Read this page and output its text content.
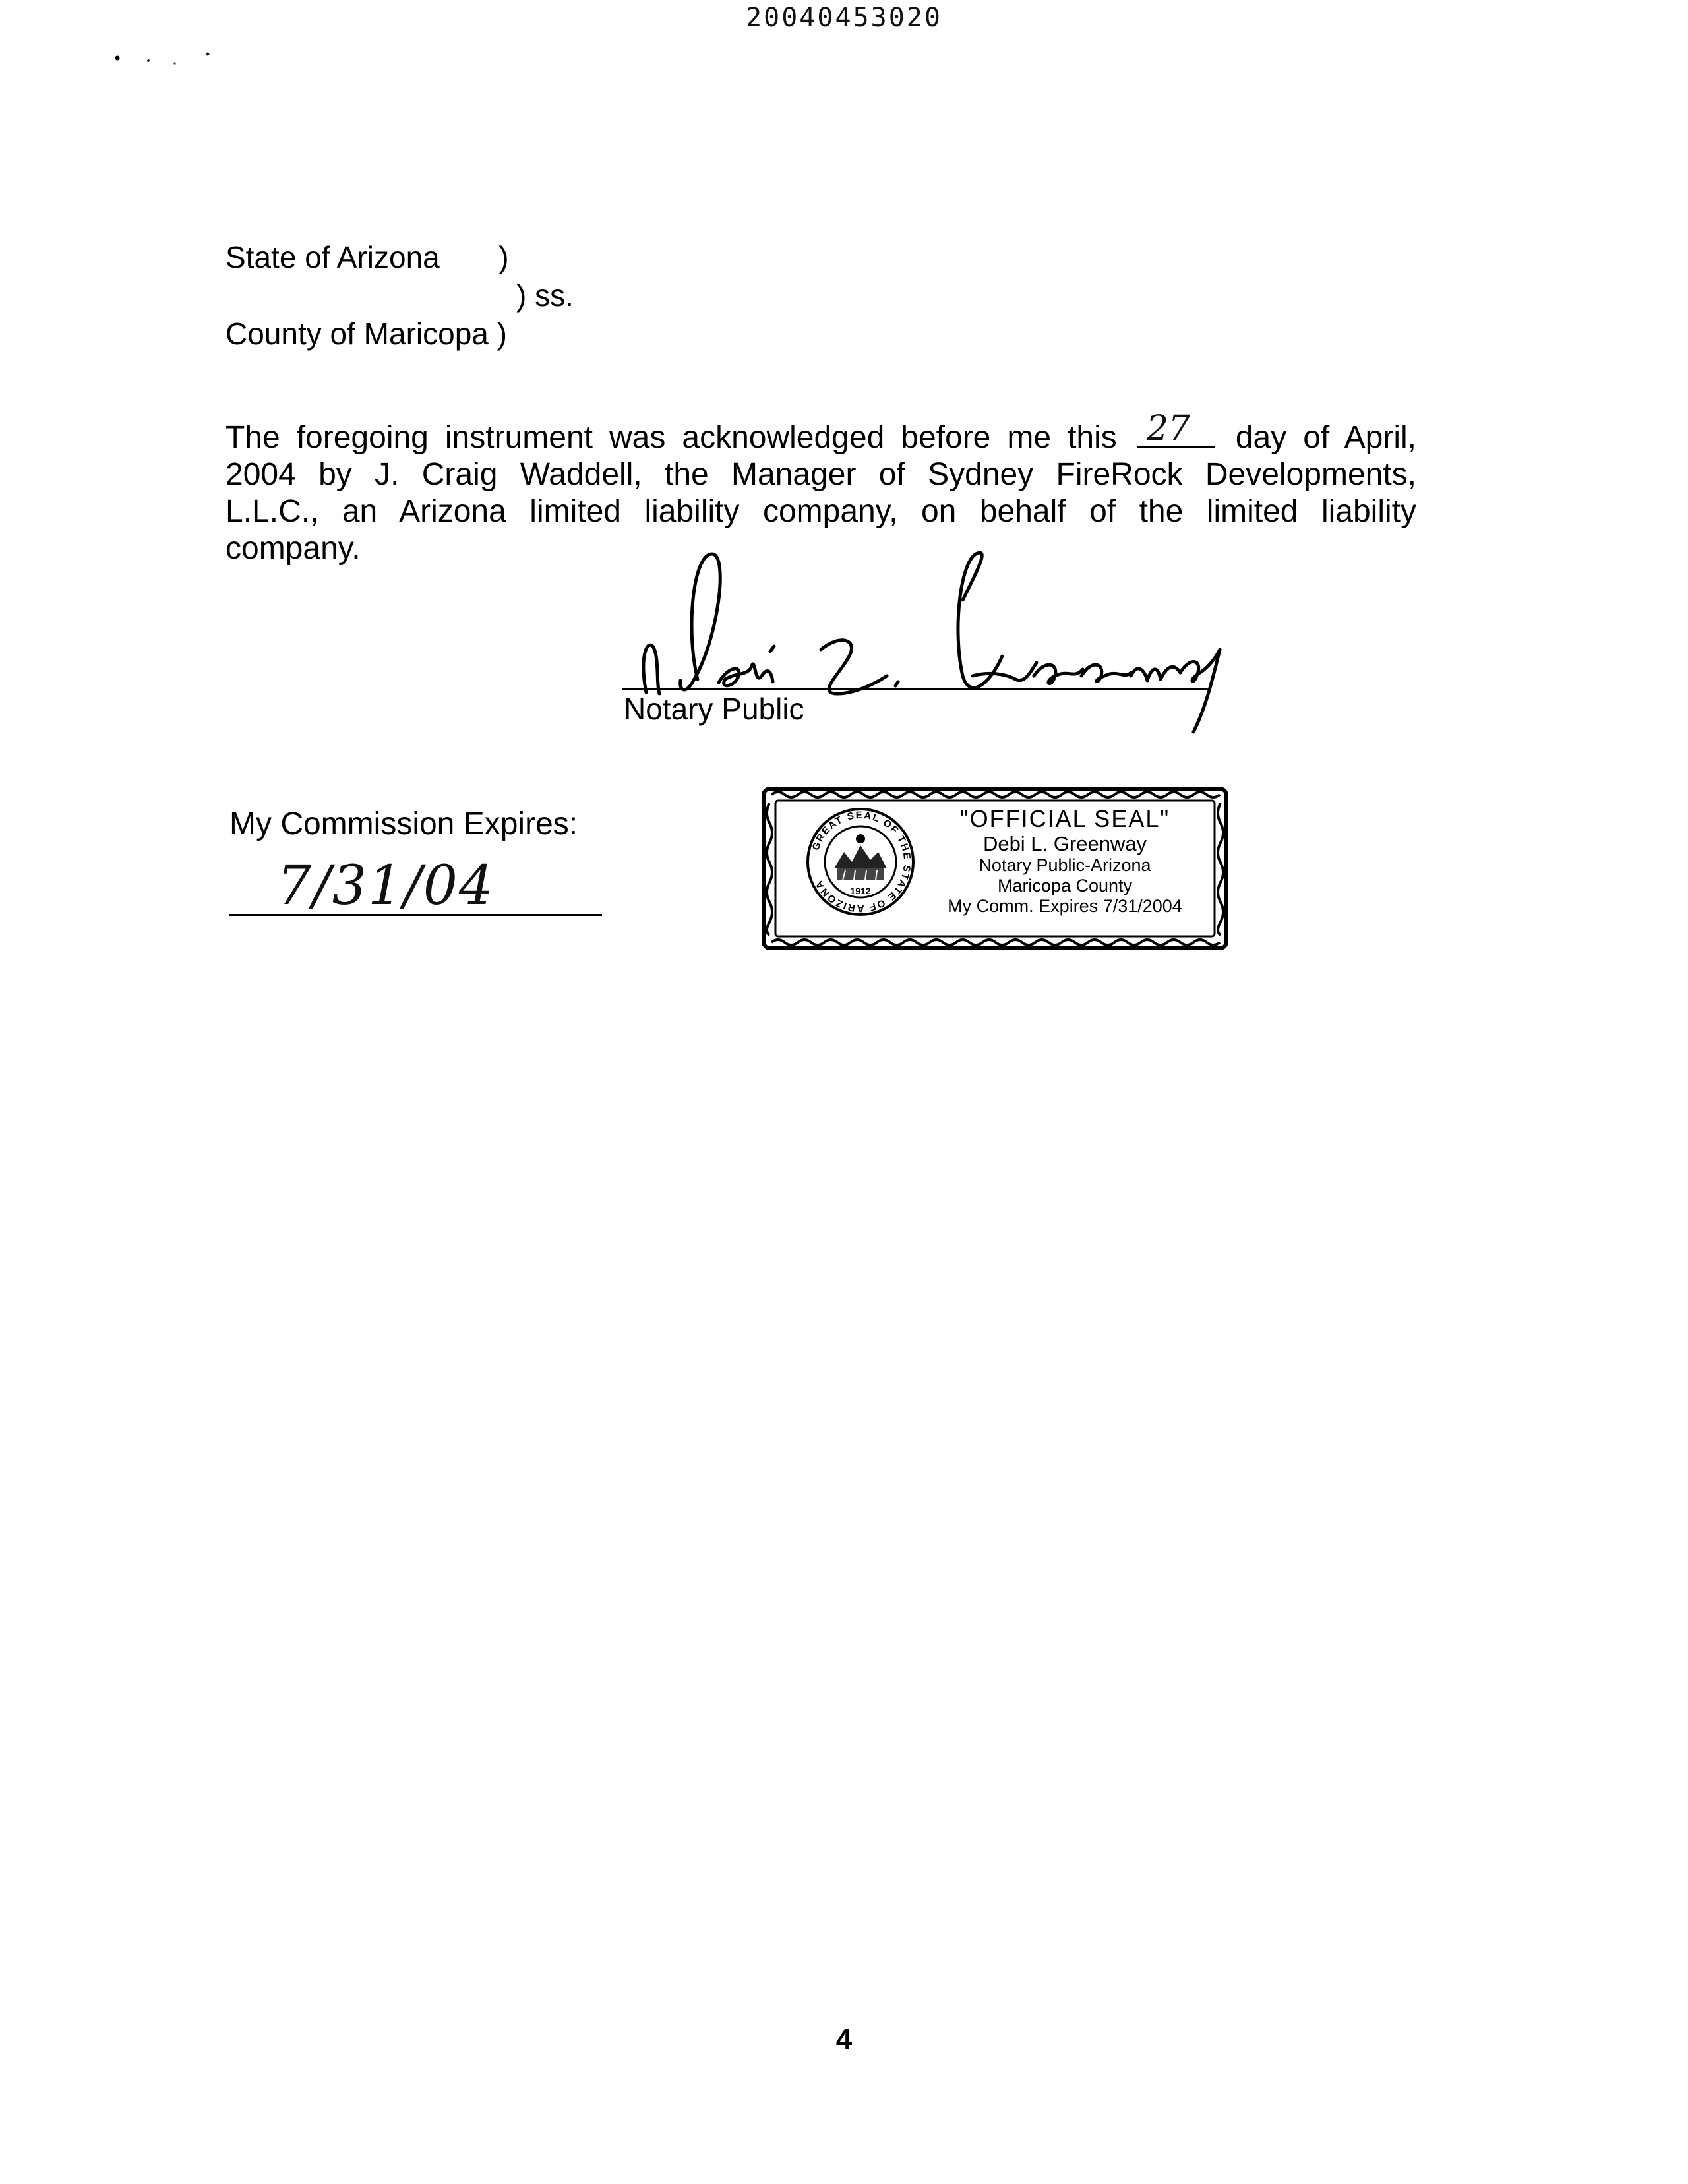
20040453020
State of Arizona       )
) ss.
County of Maricopa )
The foregoing instrument was acknowledged before me this 27 day of April,
2004 by J. Craig Waddell, the Manager of Sydney FireRock Developments,
L.L.C., an Arizona limited liability company, on behalf of the limited liability
company.
Notary Public
My Commission Expires:
7/31/04
GREAT SEAL OF THE STATE OF ARIZONA
1912
"OFFICIAL SEAL"
Debi L. Greenway
Notary Public-Arizona
Maricopa County
My Comm. Expires 7/31/2004
4
